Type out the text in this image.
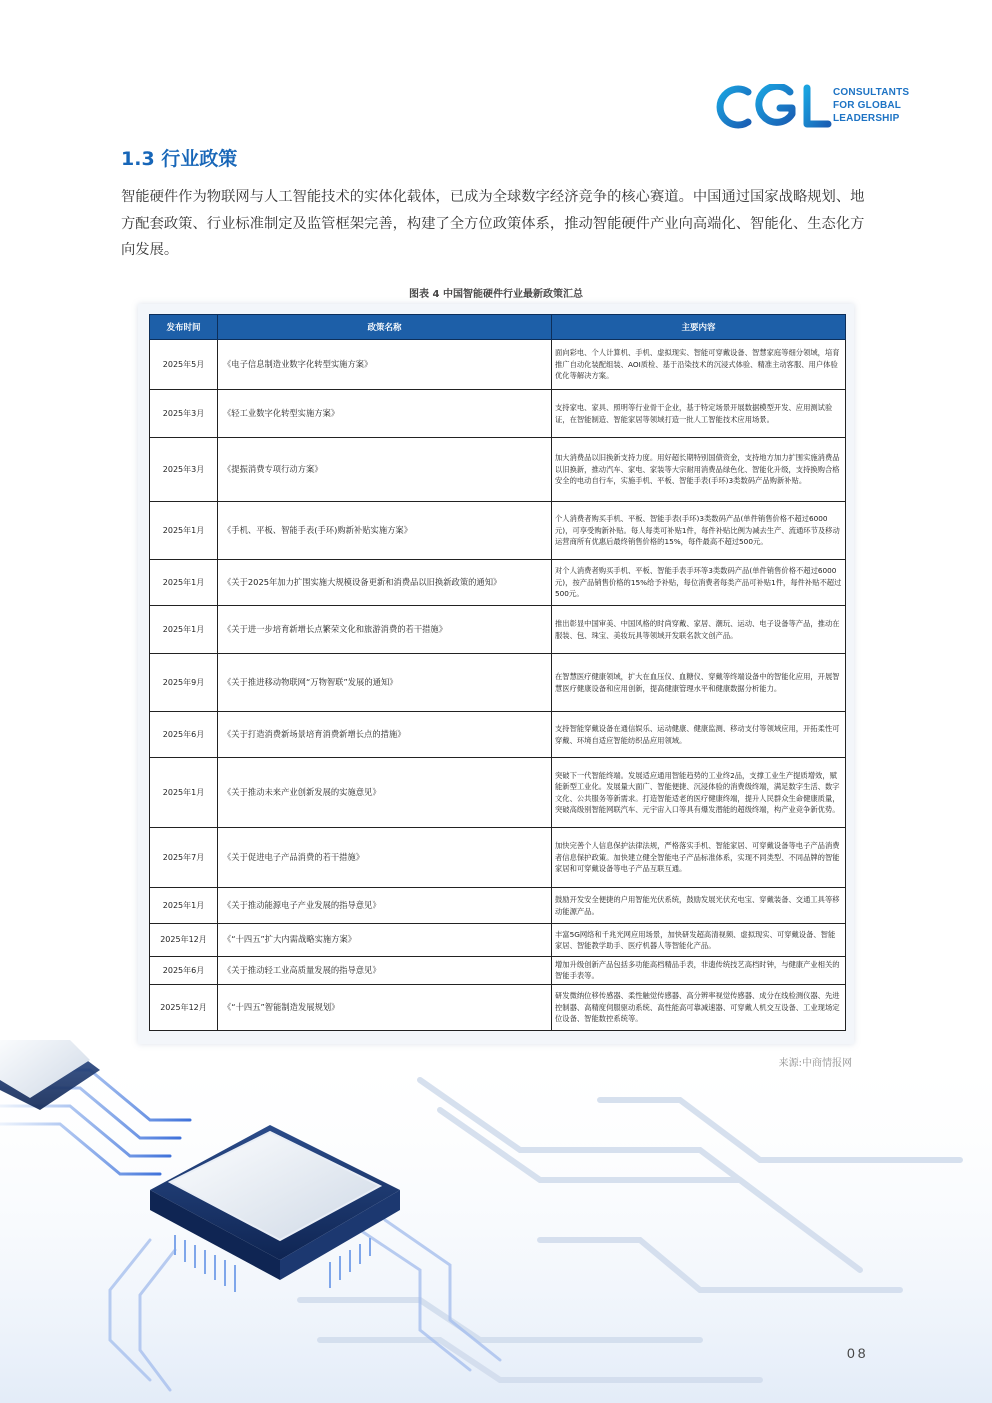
CONSULTANTS
FOR GLOBAL
LEADERSHIP
1.3 行业政策

智能硬件作为物联网与人工智能技术的实体化载体，已成为全球数字经济竞争的核心赛道。中国通过国家战略规划、地方配套政策、行业标准制定及监管框架完善，构建了全方位政策体系，推动智能硬件产业向高端化、智能化、生态化方向发展。

图表 4 中国智能硬件行业最新政策汇总
发布时间	政策名称	主要内容
2025年5月	《电子信息制造业数字化转型实施方案》	面向彩电、个人计算机、手机、虚拟现实、智能可穿戴设备、智慧家庭等细分领域，培育推广自动化装配组装、AOI质检、基于沿染技术的沉浸式体验、精准主动客服、用户体验优化等解决方案。
2025年3月	《轻工业数字化转型实施方案》	支持家电、家具、照明等行业骨干企业，基于特定场景开展数据模型开发、应用测试验证，在智能制造、智能家居等领域打造一批人工智能技术应用场景。
2025年3月	《提振消费专项行动方案》	加大消费品以旧换新支持力度。用好超长期特别国债资金，支持地方加力扩围实施消费品以旧换新，推动汽车、家电、家装等大宗耐用消费品绿色化、智能化升级，支持换购合格安全的电动自行车，实施手机、平板、智能手表(手环)3类数码产品购新补贴。
2025年1月	《手机、平板、智能手表(手环)购新补贴实施方案》	个人消费者购买手机、平板、智能手表(手环)3类数码产品(单件销售价格不超过6000元)，可享受购新补贴。每人每类可补贴1件，每件补贴比例为减去生产、流通环节及移动运营商所有优惠后最终销售价格的15%，每件最高不超过500元。
2025年1月	《关于2025年加力扩围实施大规模设备更新和消费品以旧换新政策的通知》	对个人消费者购买手机、平板、智能手表手环等3类数码产品(单件销售价格不超过6000元)，按产品销售价格的15%给予补贴，每位消费者每类产品可补贴1件，每件补贴不超过500元。
2025年1月	《关于进一步培育新增长点繁荣文化和旅游消费的若干措施》	推出彰显中国审美、中国风格的时尚穿戴、家居、潮玩、运动、电子设备等产品，推动在服装、包、珠宝、美妆玩具等领域开发联名款文创产品。
2025年9月	《关于推进移动物联网“万物智联”发展的通知》	在智慧医疗健康领域，扩大在血压仪、血糖仪、穿戴等终端设备中的智能化应用，开展智慧医疗健康设备和应用创新，提高健康管理水平和健康数据分析能力。
2025年6月	《关于打造消费新场景培育消费新增长点的措施》	支持智能穿戴设备在通信娱乐、运动健康、健康监测、移动支付等领域应用，开拓柔性可穿戴、环境自适应智能纺织品应用领域。
2025年1月	《关于推动未来产业创新发展的实施意见》	突破下一代智能终端。发展适应通用智能趋势的工业终2品，支撑工业生产提质增效，赋能新型工业化。发展量大面广、智能便捷、沉浸体验的消费级终端，满足数字生活、数字文化、公共服务等新需求。打造智能适老的医疗健康终端，提升人民群众生命健康质量，突破高级别智能网联汽车、元宇宙入口等具有爆发潜能的超级终端，构产业竞争新优势。
2025年7月	《关于促进电子产品消费的若干措施》	加快完善个人信息保护法律法规，严格落实手机、智能家居、可穿戴设备等电子产品消费者信息保护政策。加快建立健全智能电子产品标准体系，实现不同类型、不同品牌的智能家居和可穿戴设备等电子产品互联互通。
2025年1月	《关于推动能源电子产业发展的指导意见》	鼓励开发安全便捷的户用智能光伏系统，鼓励发展光伏充电宝、穿戴装备、交通工具等移动能源产品。
2025年12月	《“十四五”扩大内需战略实施方案》	丰富5G网络和千兆光网应用场景，加快研发超高清视频、虚拟现实、可穿戴设备、智能家居、智能教学助手、医疗机器人等智能化产品。
2025年6月	《关于推动轻工业高质量发展的指导意见》	增加升级创新产品包括多功能高档精品手表，非遗传统技艺高档时钟，与健康产业相关的智能手表等。
2025年12月	《“十四五”智能制造发展规划》	研发微纳位移传感器、柔性触觉传感器、高分辨率视觉传感器、成分在线检测仪器、先进控制器、高精度伺服驱动系统、高性能高可靠减速器、可穿戴人机交互设备、工业现场定位设备、智能数控系统等。
08
